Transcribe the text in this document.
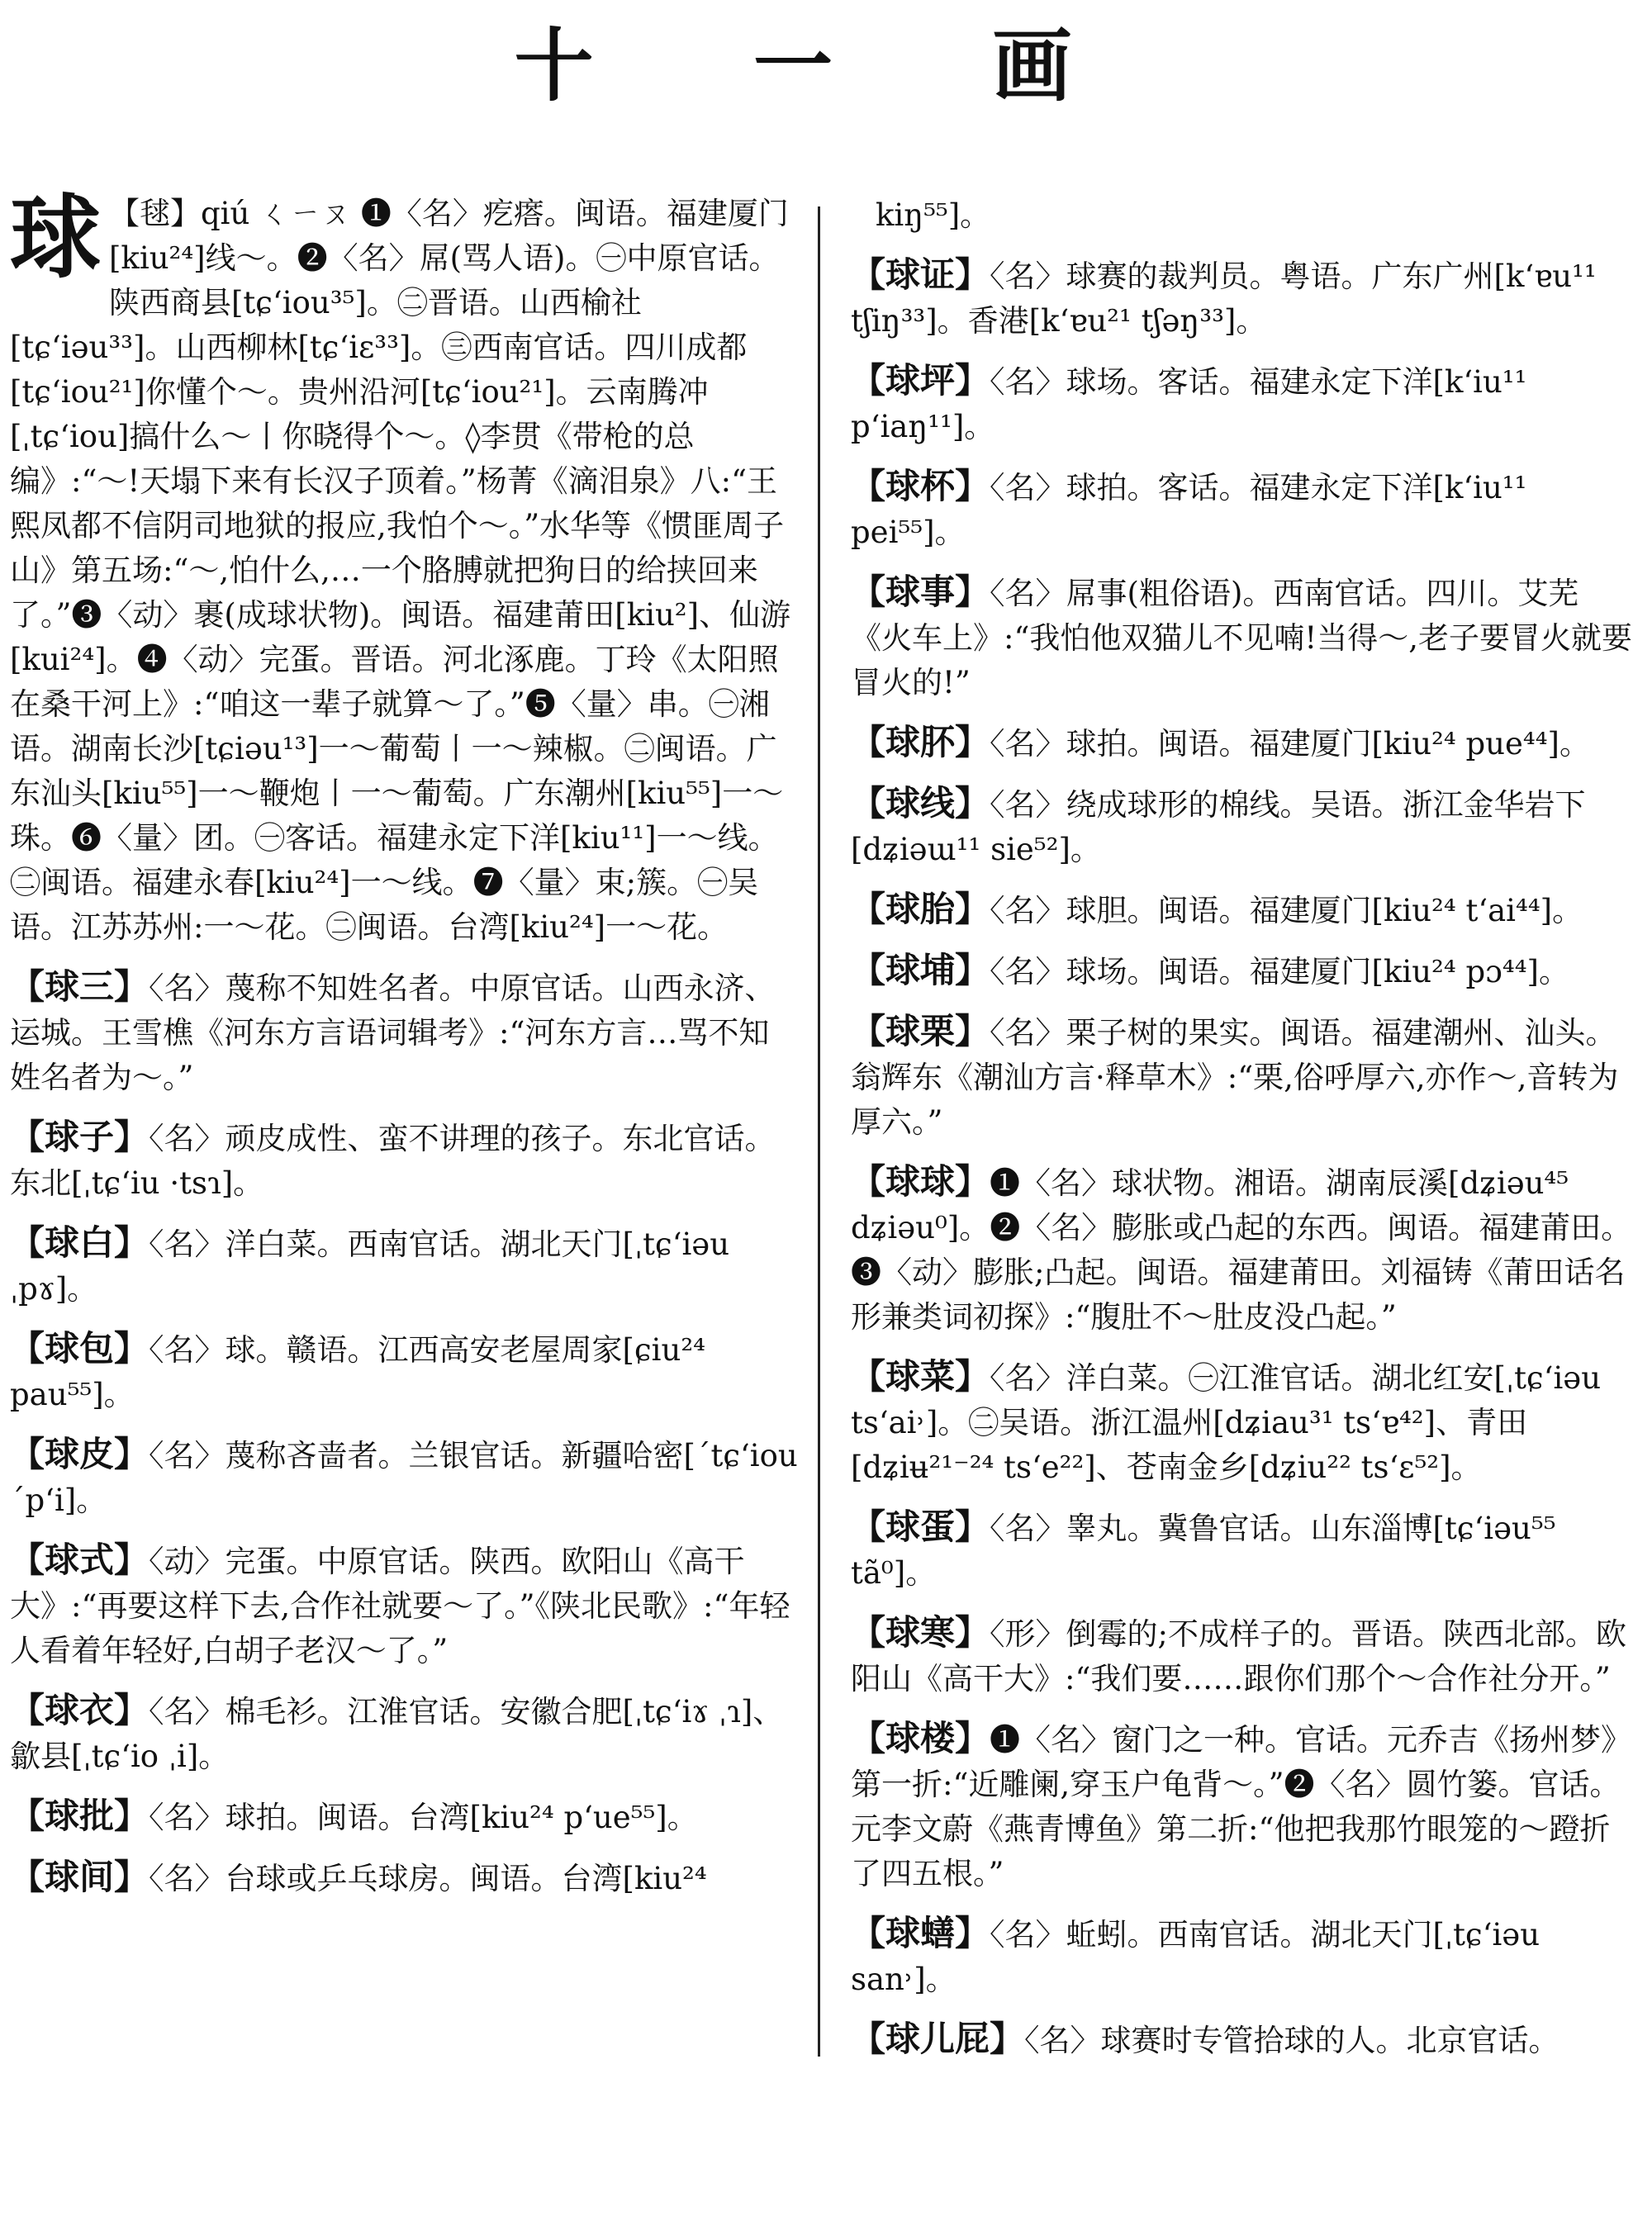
十 一 画
球 【毬】qiú ㄑㄧㄡ ❶〈名〉疙瘩。闽语。福建厦门[kiu²⁴]线～。❷〈名〉屌(骂人语)。㊀中原官话。陕西商县[tɕʻiou³⁵]。㊁晋语。山西榆社[tɕʻiəu³³]。山西柳林[tɕʻiɛ³³]。㊂西南官话。四川成都[tɕʻiou²¹]你懂个～。贵州沿河[tɕʻiou²¹]。云南腾冲[ˌtɕʻiou]搞什么～丨你晓得个～。◊李贯《带枪的总编》:“～!天塌下来有长汉子顶着。”杨菁《滴泪泉》八:“王熙凤都不信阴司地狱的报应,我怕个～。”水华等《惯匪周子山》第五场:“～,怕什么,…一个胳膊就把狗日的给挟回来了。”❸〈动〉裹(成球状物)。闽语。福建莆田[kiu²]、仙游[kui²⁴]。❹〈动〉完蛋。晋语。河北涿鹿。丁玲《太阳照在桑干河上》:“咱这一辈子就算～了。”❺〈量〉串。㊀湘语。湖南长沙[tɕiəu¹³]一～葡萄丨一～辣椒。㊁闽语。广东汕头[kiu⁵⁵]一～鞭炮丨一～葡萄。广东潮州[kiu⁵⁵]一～珠。❻〈量〉团。㊀客话。福建永定下洋[kiu¹¹]一～线。㊁闽语。福建永春[kiu²⁴]一～线。❼〈量〉束;簇。㊀吴语。江苏苏州:一～花。㊁闽语。台湾[kiu²⁴]一～花。
【球三】〈名〉蔑称不知姓名者。中原官话。山西永济、运城。王雪樵《河东方言语词辑考》:“河东方言…骂不知姓名者为～。”
【球子】〈名〉顽皮成性、蛮不讲理的孩子。东北官话。东北[ˌtɕʻiu ·tsɿ]。
【球白】〈名〉洋白菜。西南官话。湖北天门[ˌtɕʻiəu ˌpɤ]。
【球包】〈名〉球。赣语。江西高安老屋周家[ɕiu²⁴ pau⁵⁵]。
【球皮】〈名〉蔑称吝啬者。兰银官话。新疆哈密[ˊtɕʻiou ˊpʻi]。
【球式】〈动〉完蛋。中原官话。陕西。欧阳山《高干大》:“再要这样下去,合作社就要～了。”《陕北民歌》:“年轻人看着年轻好,白胡子老汉～了。”
【球衣】〈名〉棉毛衫。江淮官话。安徽合肥[ˌtɕʻiɤ ˌɿ]、歙县[ˌtɕʻio ˌi]。
【球批】〈名〉球拍。闽语。台湾[kiu²⁴ pʻue⁵⁵]。
【球间】〈名〉台球或乒乓球房。闽语。台湾[kiu²⁴
kiŋ⁵⁵]。
【球证】〈名〉球赛的裁判员。粤语。广东广州[kʻɐu¹¹ tʃiŋ³³]。香港[kʻɐu²¹ tʃəŋ³³]。
【球坪】〈名〉球场。客话。福建永定下洋[kʻiu¹¹ pʻiaŋ¹¹]。
【球杯】〈名〉球拍。客话。福建永定下洋[kʻiu¹¹ pei⁵⁵]。
【球事】〈名〉屌事(粗俗语)。西南官话。四川。艾芜《火车上》:“我怕他双猫儿不见喃!当得～,老子要冒火就要冒火的!”
【球肧】〈名〉球拍。闽语。福建厦门[kiu²⁴ pue⁴⁴]。
【球线】〈名〉绕成球形的棉线。吴语。浙江金华岩下[dʑiəɯ¹¹ sie⁵²]。
【球胎】〈名〉球胆。闽语。福建厦门[kiu²⁴ tʻai⁴⁴]。
【球埔】〈名〉球场。闽语。福建厦门[kiu²⁴ pɔ⁴⁴]。
【球栗】〈名〉栗子树的果实。闽语。福建潮州、汕头。翁辉东《潮汕方言·释草木》:“栗,俗呼厚六,亦作～,音转为厚六。”
【球球】❶〈名〉球状物。湘语。湖南辰溪[dʑiəu⁴⁵ dʑiəu⁰]。❷〈名〉膨胀或凸起的东西。闽语。福建莆田。❸〈动〉膨胀;凸起。闽语。福建莆田。刘福铸《莆田话名形兼类词初探》:“腹肚不～肚皮没凸起。”
【球菜】〈名〉洋白菜。㊀江淮官话。湖北红安[ˌtɕʻiəu tsʻai˒]。㊁吴语。浙江温州[dʑiau³¹ tsʻɐ⁴²]、青田[dʑiʉ²¹⁻²⁴ tsʻe²²]、苍南金乡[dʑiu²² tsʻɛ⁵²]。
【球蛋】〈名〉睾丸。冀鲁官话。山东淄博[tɕʻiəu⁵⁵ tã⁰]。
【球寒】〈形〉倒霉的;不成样子的。晋语。陕西北部。欧阳山《高干大》:“我们要……跟你们那个～合作社分开。”
【球楼】❶〈名〉窗门之一种。官话。元乔吉《扬州梦》第一折:“近雕阑,穿玉户龟背～。”❷〈名〉圆竹篓。官话。元李文蔚《燕青博鱼》第二折:“他把我那竹眼笼的～蹬折了四五根。”
【球蟮】〈名〉蚯蚓。西南官话。湖北天门[ˌtɕʻiəu san˒]。
【球儿屁】〈名〉球赛时专管拾球的人。北京官话。
